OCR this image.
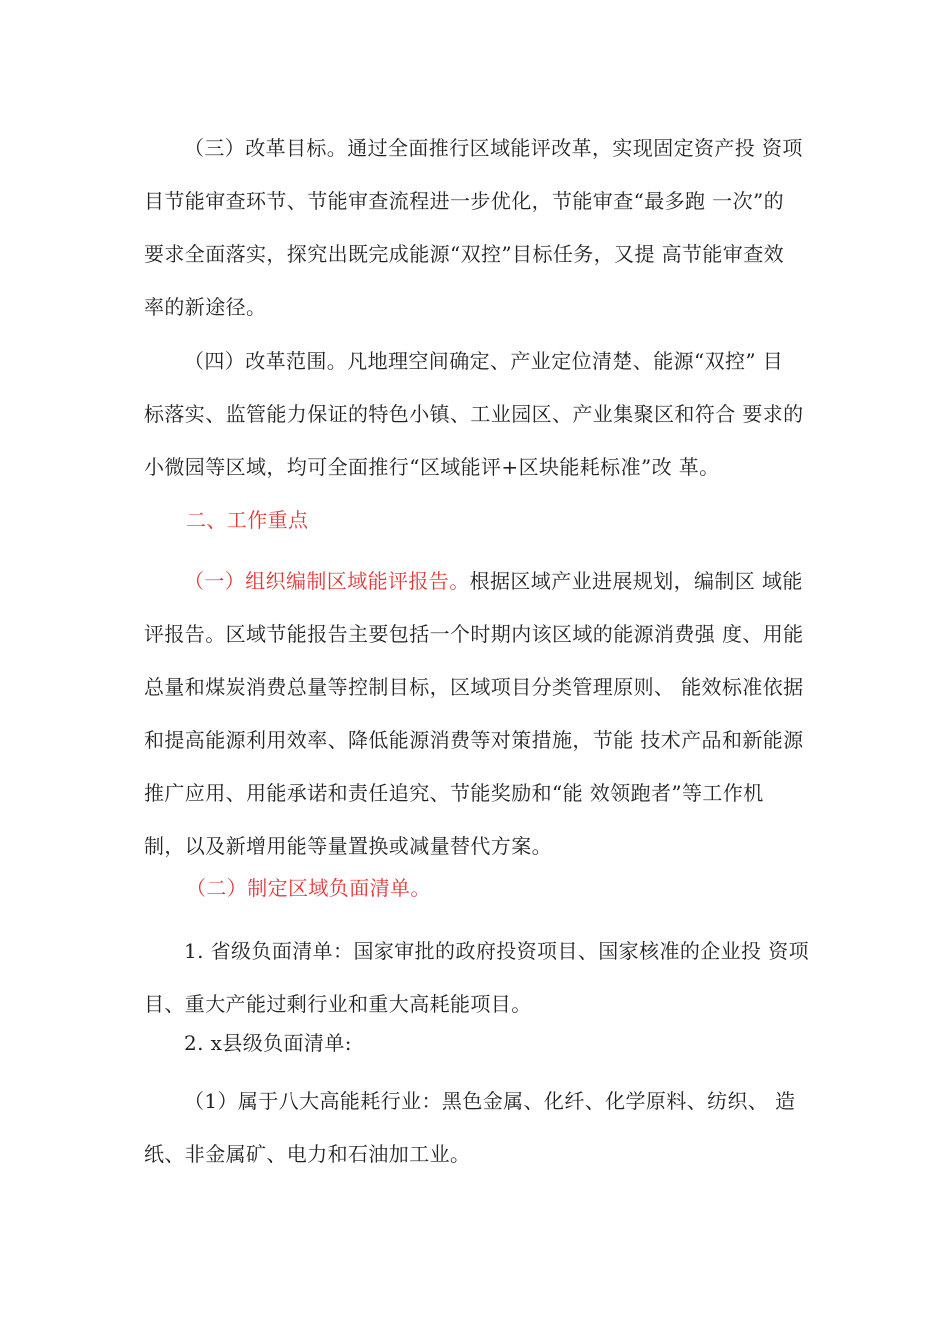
（三）改革目标。通过全面推行区域能评改革，实现固定资产投 资项
目节能审查环节、节能审查流程进一步优化，节能审查“最多跑 一次”的
要求全面落实，探究出既完成能源“双控”目标任务，又提 高节能审查效
率的新途径。
（四）改革范围。凡地理空间确定、产业定位清楚、能源“双控” 目
标落实、监管能力保证的特色小镇、工业园区、产业集聚区和符合 要求的
小微园等区域，均可全面推行“区域能评+区块能耗标准”改 革。
二、工作重点
（一）组织编制区域能评报告。根据区域产业进展规划，编制区 域能
评报告。区域节能报告主要包括一个时期内该区域的能源消费强 度、用能
总量和煤炭消费总量等控制目标，区域项目分类管理原则、 能效标准依据
和提高能源利用效率、降低能源消费等对策措施，节能 技术产品和新能源
推广应用、用能承诺和责任追究、节能奖励和“能 效领跑者”等工作机
制，以及新增用能等量置换或减量替代方案。
（二）制定区域负面清单。
1. 省级负面清单：国家审批的政府投资项目、国家核准的企业投 资项
目、重大产能过剩行业和重大高耗能项目。
2. x县级负面清单:
（1）属于八大高能耗行业：黑色金属、化纤、化学原料、纺织、 造
纸、非金属矿、电力和石油加工业。
